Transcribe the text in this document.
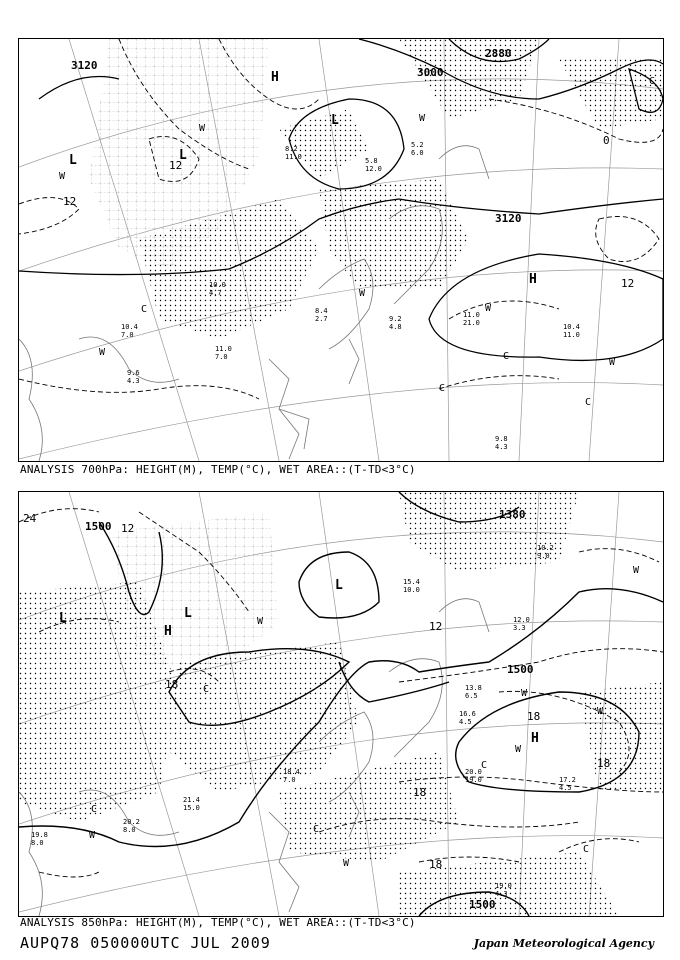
3120
3000
2880
3120
12
12
0
12
H
L
L
H
L
W
W
W
W
W
C
C
C
C
C
W
W
10.4
7.0
11.0
7.0
9.6
4.3
11.0
21.0	10.4
11.0
9.8
4.3
9.2
4.8
5.8
12.0
5.2
6.0
8.2
11.0
10.0
4.7
8.4
2.7
ANALYSIS 700hPa: HEIGHT(M), TEMP(°C), WET AREA::(T-TD<3°C)
1500
1500
1500
1380
24
12
18
18
18
18
18
12
L
H
L
H
L
W
W
W
W
W
W
C
C
C
C
C
W
20.0
19.0	17.2
4.5
19.8
8.0
20.2
8.0
21.4
15.0
18.4
7.0
16.6
4.5
13.8
6.5
15.4
10.0
12.0
3.3
19.0
4.3
10.2
9.0
ANALYSIS 850hPa: HEIGHT(M), TEMP(°C), WET AREA::(T-TD<3°C)
AUPQ78 050000UTC JUL 2009	Japan Meteorological Agency
